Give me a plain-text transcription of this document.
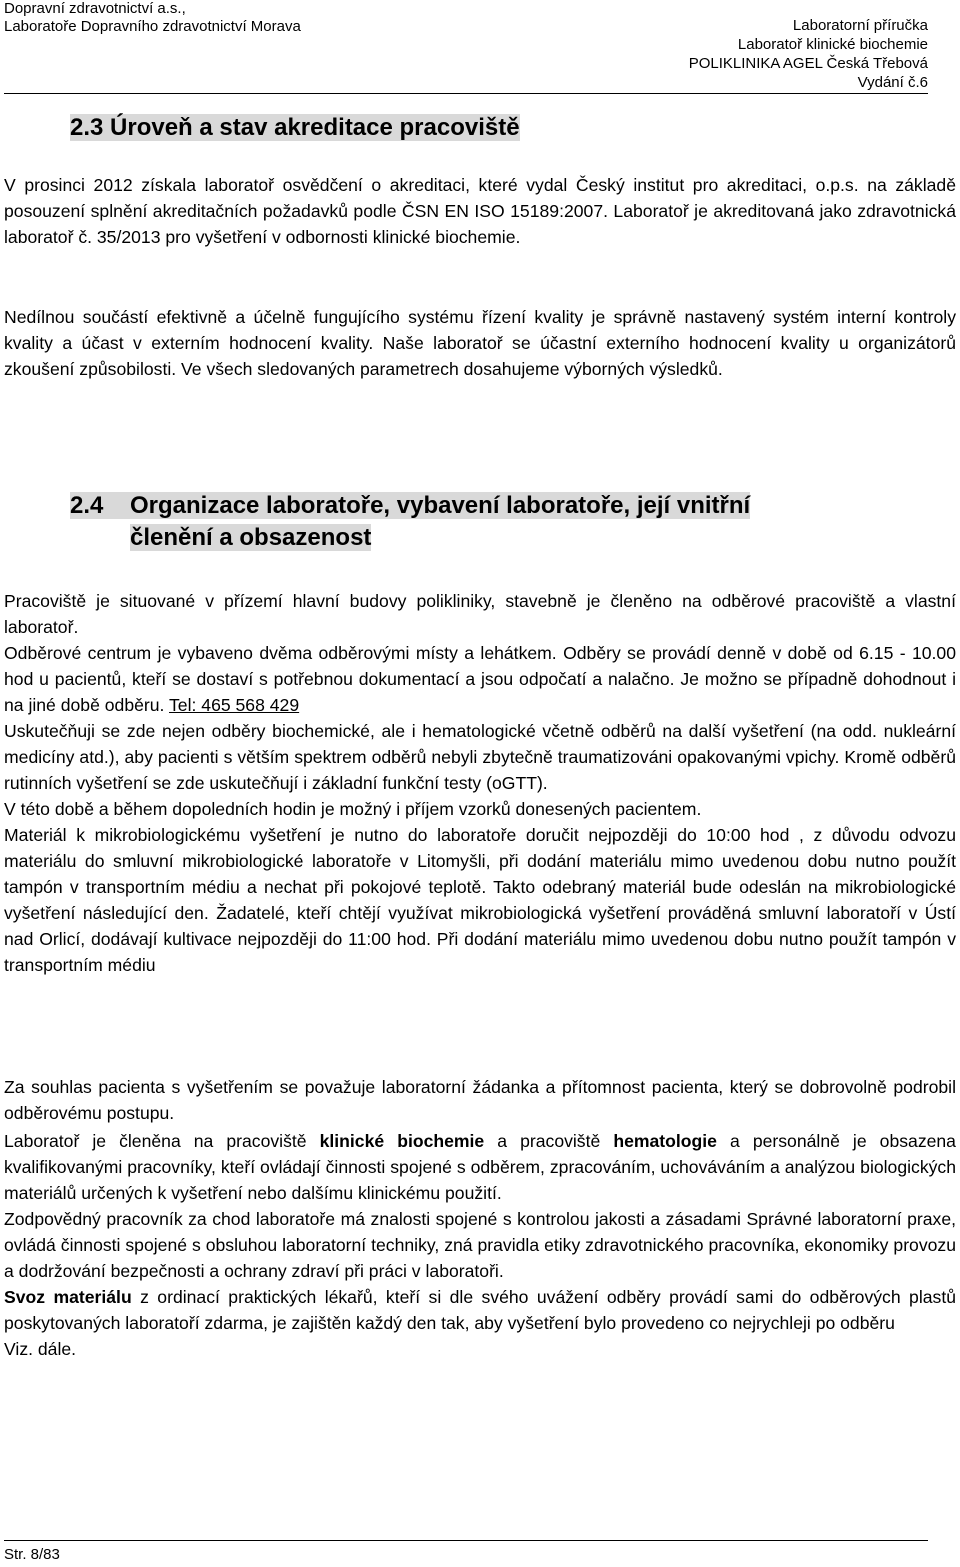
Dopravní zdravotnictví a.s.,
Laboratoře Dopravního zdravotnictví Morava	Laboratorní příručka
Laboratoř klinické biochemie
POLIKLINIKA AGEL Česká Třebová
Vydání č.6
2.3 Úroveň a stav akreditace pracoviště

V prosinci 2012 získala laboratoř osvědčení o akreditaci, které vydal Český institut pro akreditaci, o.p.s. na základě posouzení splnění akreditačních požadavků podle ČSN EN ISO 15189:2007. Laboratoř je akreditovaná jako zdravotnická laboratoř č. 35/2013 pro vyšetření v odbornosti klinické biochemie.

Nedílnou součástí efektivně a účelně fungujícího systému řízení kvality je správně nastavený systém interní kontroly kvality a účast v externím hodnocení kvality. Naše laboratoř se účastní externího hodnocení kvality u organizátorů zkoušení způsobilosti. Ve všech sledovaných parametrech dosahujeme výborných výsledků.

2.4 Organizace laboratoře, vybavení laboratoře, její vnitřní
členění a obsazenost

Pracoviště je situované v přízemí hlavní budovy polikliniky, stavebně je členěno na odběrové pracoviště a vlastní laboratoř.

Odběrové centrum je vybaveno dvěma odběrovými místy a lehátkem. Odběry se provádí denně v době od 6.15 - 10.00 hod u pacientů, kteří se dostaví s potřebnou dokumentací a jsou odpočatí a nalačno. Je možno se případně dohodnout i na jiné době odběru. Tel: 465 568 429

Uskutečňuji se zde nejen odběry biochemické, ale i hematologické včetně odběrů na další vyšetření (na odd. nukleární medicíny atd.), aby pacienti s větším spektrem odběrů nebyli zbytečně traumatizováni opakovanými vpichy. Kromě odběrů rutinních vyšetření se zde uskutečňují i základní funkční testy (oGTT).

V této době a během dopoledních hodin je možný i příjem vzorků donesených pacientem.

Materiál k mikrobiologickému vyšetření je nutno do laboratoře doručit nejpozději do 10:00 hod , z důvodu odvozu materiálu do smluvní mikrobiologické laboratoře v Litomyšli, při dodání materiálu mimo uvedenou dobu nutno použít tampón v transportním médiu a nechat při pokojové teplotě. Takto odebraný materiál bude odeslán na mikrobiologické vyšetření následující den. Žadatelé, kteří chtějí využívat mikrobiologická vyšetření prováděná smluvní laboratoří v Ústí nad Orlicí, dodávají kultivace nejpozději do 11:00 hod. Při dodání materiálu mimo uvedenou dobu nutno použít tampón v transportním médiu

Za souhlas pacienta s vyšetřením se považuje laboratorní žádanka a přítomnost pacienta, který se dobrovolně podrobil odběrovému postupu.

Laboratoř je členěna na pracoviště klinické biochemie a pracoviště hematologie a personálně je obsazena kvalifikovanými pracovníky, kteří ovládají činnosti spojené s odběrem, zpracováním, uchováváním a analýzou biologických materiálů určených k vyšetření nebo dalšímu klinickému použití.

Zodpovědný pracovník za chod laboratoře má znalosti spojené s kontrolou jakosti a zásadami Správné laboratorní praxe, ovládá činnosti spojené s obsluhou laboratorní techniky, zná pravidla etiky zdravotnického pracovníka, ekonomiky provozu a dodržování bezpečnosti a ochrany zdraví při práci v laboratoři.

Svoz materiálu z ordinací praktických lékařů, kteří si dle svého uvážení odběry provádí sami do odběrových plastů poskytovaných laboratoří zdarma, je zajištěn každý den tak, aby vyšetření bylo provedeno co nejrychleji po odběru

Viz. dále.

Str. 8/83
